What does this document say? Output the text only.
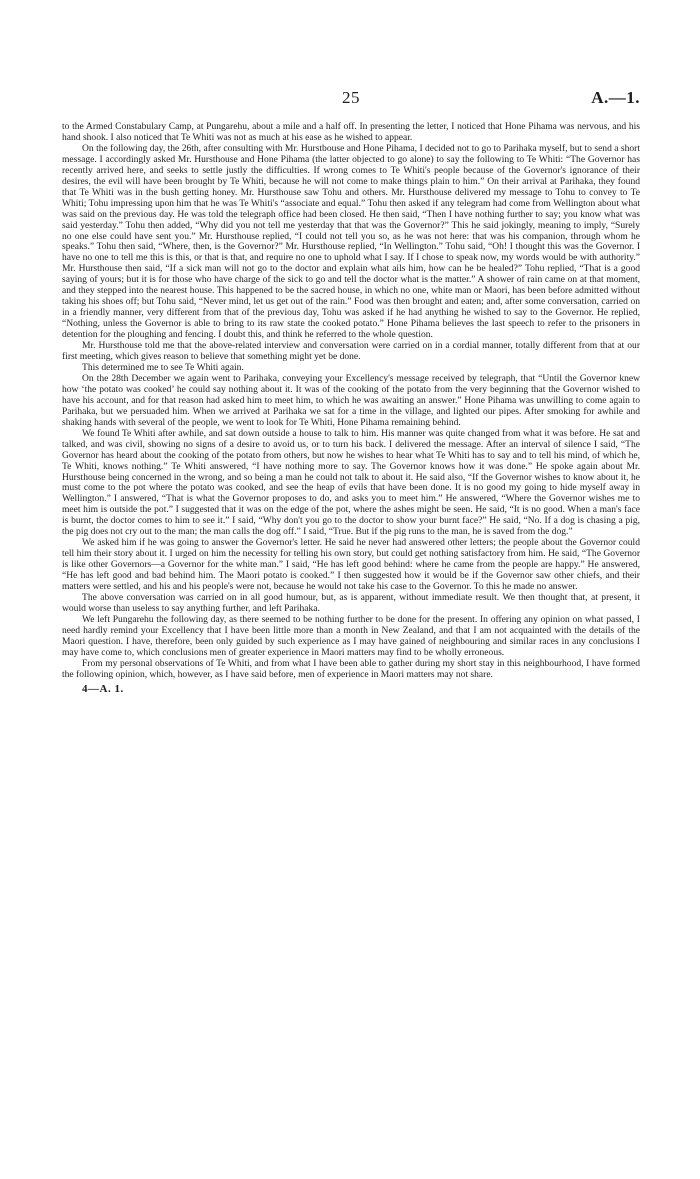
25	A.—1.

to the Armed Constabulary Camp, at Pungarehu, about a mile and a half off. In presenting the letter, I noticed that Hone Pihama was nervous, and his hand shook. I also noticed that Te Whiti was not as much at his ease as he wished to appear.

On the following day, the 26th, after consulting with Mr. Hurstbouse and Hone Pihama, I decided not to go to Parihaka myself, but to send a short message. I accordingly asked Mr. Hursthouse and Hone Pihama (the latter objected to go alone) to say the following to Te Whiti: “The Governor has recently arrived here, and seeks to settle justly the difficulties. If wrong comes to Te Whiti's people because of the Governor's ignorance of their desires, the evil will have been brought by Te Whiti, because he will not come to make things plain to him.” On their arrival at Parihaka, they found that Te Whiti was in the bush getting honey. Mr. Hursthouse saw Tohu and others. Mr. Hursthouse delivered my message to Tohu to convey to Te Whiti; Tohu impressing upon him that he was Te Whiti's “associate and equal.” Tohu then asked if any telegram had come from Wellington about what was said on the previous day. He was told the telegraph office had been closed. He then said, “Then I have nothing further to say; you know what was said yesterday.” Tohu then added, “Why did you not tell me yesterday that that was the Governor?” This he said jokingly, meaning to imply, “Surely no one else could have sent you.” Mr. Hursthouse replied, “I could not tell you so, as he was not here: that was his companion, through whom he speaks.” Tohu then said, “Where, then, is the Governor?” Mr. Hursthouse replied, “In Wellington.” Tohu said, “Oh! I thought this was the Governor. I have no one to tell me this is this, or that is that, and require no one to uphold what I say. If I chose to speak now, my words would be with authority.” Mr. Hursthouse then said, “If a sick man will not go to the doctor and explain what ails him, how can he be healed?” Tohu replied, “That is a good saying of yours; but it is for those who have charge of the sick to go and tell the doctor what is the matter.” A shower of rain came on at that moment, and they stepped into the nearest house. This happened to be the sacred house, in which no one, white man or Maori, has been before admitted without taking his shoes off; but Tohu said, “Never mind, let us get out of the rain.” Food was then brought and eaten; and, after some conversation, carried on in a friendly manner, very different from that of the previous day, Tohu was asked if he had anything he wished to say to the Governor. He replied, “Nothing, unless the Governor is able to bring to its raw state the cooked potato.” Hone Pihama believes the last speech to refer to the prisoners in detention for the ploughing and fencing. I doubt this, and think he referred to the whole question.

Mr. Hursthouse told me that the above-related interview and conversation were carried on in a cordial manner, totally different from that at our first meeting, which gives reason to believe that something might yet be done.

This determined me to see Te Whiti again.

On the 28th December we again went to Parihaka, conveying your Excellency's message received by telegraph, that “Until the Governor knew how ‘the potato was cooked’ he could say nothing about it. It was of the cooking of the potato from the very beginning that the Governor wished to have his account, and for that reason had asked him to meet him, to which he was awaiting an answer.” Hone Pihama was unwilling to come again to Parihaka, but we persuaded him. When we arrived at Parihaka we sat for a time in the village, and lighted our pipes. After smoking for awhile and shaking hands with several of the people, we went to look for Te Whiti, Hone Pihama remaining behind.

We found Te Whiti after awhile, and sat down outside a house to talk to him. His manner was quite changed from what it was before. He sat and talked, and was civil, showing no signs of a desire to avoid us, or to turn his back. I delivered the message. After an interval of silence I said, “The Governor has heard about the cooking of the potato from others, but now he wishes to hear what Te Whiti has to say and to tell his mind, of which he, Te Whiti, knows nothing.” Te Whiti answered, “I have nothing more to say. The Governor knows how it was done.” He spoke again about Mr. Hursthouse being concerned in the wrong, and so being a man he could not talk to about it. He said also, “If the Governor wishes to know about it, he must come to the pot where the potato was cooked, and see the heap of evils that have been done. It is no good my going to hide myself away in Wellington.” I answered, “That is what the Governor proposes to do, and asks you to meet him.” He answered, “Where the Governor wishes me to meet him is outside the pot.” I suggested that it was on the edge of the pot, where the ashes might be seen. He said, “It is no good. When a man's face is burnt, the doctor comes to him to see it.” I said, “Why don't you go to the doctor to show your burnt face?” He said, “No. If a dog is chasing a pig, the pig does not cry out to the man; the man calls the dog off.” I said, “True. But if the pig runs to the man, he is saved from the dog.”

We asked him if he was going to answer the Governor's letter. He said he never had answered other letters; the people about the Governor could tell him their story about it. I urged on him the necessity for telling his own story, but could get nothing satisfactory from him. He said, “The Governor is like other Governors—a Governor for the white man.” I said, “He has left good behind: where he came from the people are happy.” He answered, “He has left good and bad behind him. The Maori potato is cooked.” I then suggested how it would be if the Governor saw other chiefs, and their matters were settled, and his and his people's were not, because he would not take his case to the Governor. To this he made no answer.

The above conversation was carried on in all good humour, but, as is apparent, without immediate result. We then thought that, at present, it would worse than useless to say anything further, and left Parihaka.

We left Pungarehu the following day, as there seemed to be nothing further to be done for the present. In offering any opinion on what passed, I need hardly remind your Excellency that I have been little more than a month in New Zealand, and that I am not acquainted with the details of the Maori question. I have, therefore, been only guided by such experience as I may have gained of neighbouring and similar races in any conclusions I may have come to, which conclusions men of greater experience in Maori matters may find to be wholly erroneous.

From my personal observations of Te Whiti, and from what I have been able to gather during my short stay in this neighbourhood, I have formed the following opinion, which, however, as I have said before, men of experience in Maori matters may not share.

4—A. 1.
